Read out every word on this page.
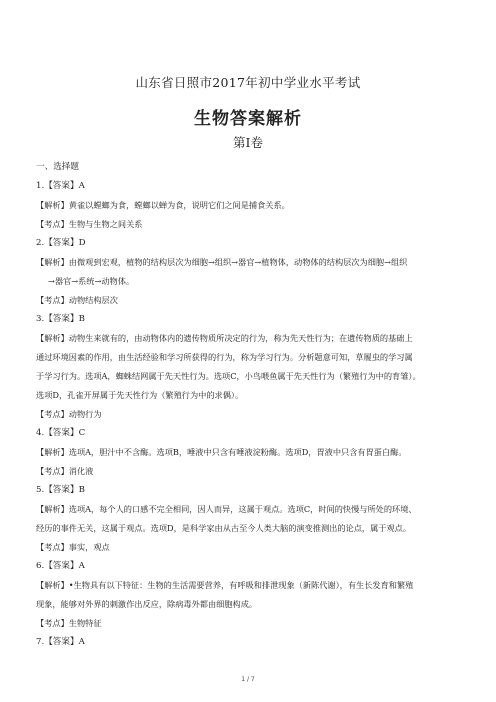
山东省日照市2017年初中学业水平考试
生物答案解析
第Ⅰ卷
一、选择题
1.【答案】A
【解析】黄雀以螳螂为食，螳螂以蝉为食，说明它们之间是捕食关系。
【考点】生物与生物之间关系
2.【答案】D
【解析】由微观到宏观，植物的结构层次为细胞→组织→器官→植物体，动物体的结构层次为细胞→组织
→器官→系统→动物体。
【考点】动物结构层次
3.【答案】B
【解析】动物生来就有的，由动物体内的遗传物质所决定的行为，称为先天性行为；在遗传物质的基础上
通过环境因素的作用，由生活经验和学习所获得的行为，称为学习行为。分析题意可知，草履虫的学习属
于学习行为。选项A，蜘蛛结网属于先天性行为。选项C，小鸟喂鱼属于先天性行为（繁殖行为中的育雏）。
选项D，孔雀开屏属于先天性行为（繁殖行为中的求偶）。
【考点】动物行为
4.【答案】C
【解析】选项A，胆汁中不含酶。选项B，唾液中只含有唾液淀粉酶。选项D，胃液中只含有胃蛋白酶。
【考点】消化液
5.【答案】B
【解析】选项A，每个人的口感不完全相同，因人而异，这属于观点。选项C，时间的快慢与所处的环境、
经历的事件无关，这属于观点。选项D，是科学家由从古至今人类大脑的演变推测出的论点，属于观点。
【考点】事实，观点
6.【答案】A
【解析】•生物具有以下特征：生物的生活需要营养，有呼吸和排泄现象（新陈代谢），有生长发育和繁殖
现象，能够对外界的刺激作出反应，除病毒外都由细胞构成。
【考点】生物特征
7.【答案】A
1 / 7
